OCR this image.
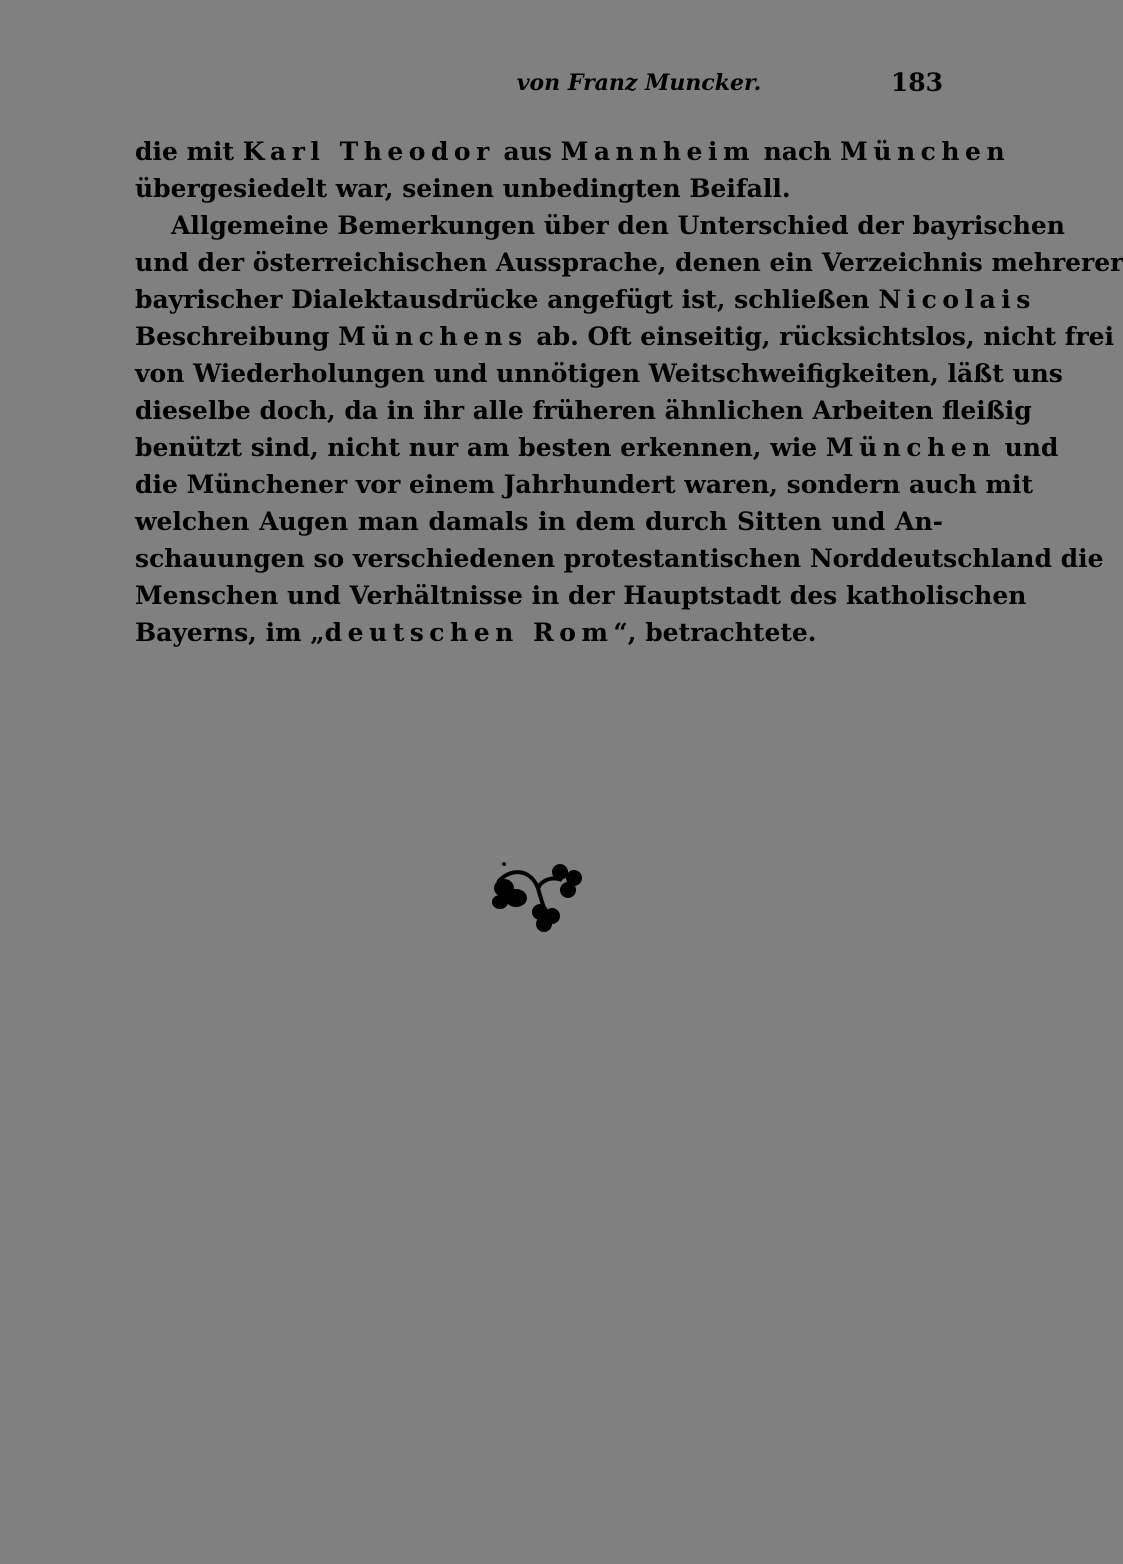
von Franz Muncker.	183
die mit Karl Theodor aus Mannheim nach München
übergesiedelt war, seinen unbedingten Beifall.
Allgemeine Bemerkungen über den Unterschied der bayrischen
und der österreichischen Aussprache, denen ein Verzeichnis mehrerer
bayrischer Dialektausdrücke angefügt ist, schließen Nicolais
Beschreibung Münchens ab. Oft einseitig, rücksichtslos, nicht frei
von Wiederholungen und unnötigen Weitschweifigkeiten, läßt uns
dieselbe doch, da in ihr alle früheren ähnlichen Arbeiten fleißig
benützt sind, nicht nur am besten erkennen, wie München und
die Münchener vor einem Jahrhundert waren, sondern auch mit
welchen Augen man damals in dem durch Sitten und An-
schauungen so verschiedenen protestantischen Norddeutschland die
Menschen und Verhältnisse in der Hauptstadt des katholischen
Bayerns, im „deutschen Rom“, betrachtete.
